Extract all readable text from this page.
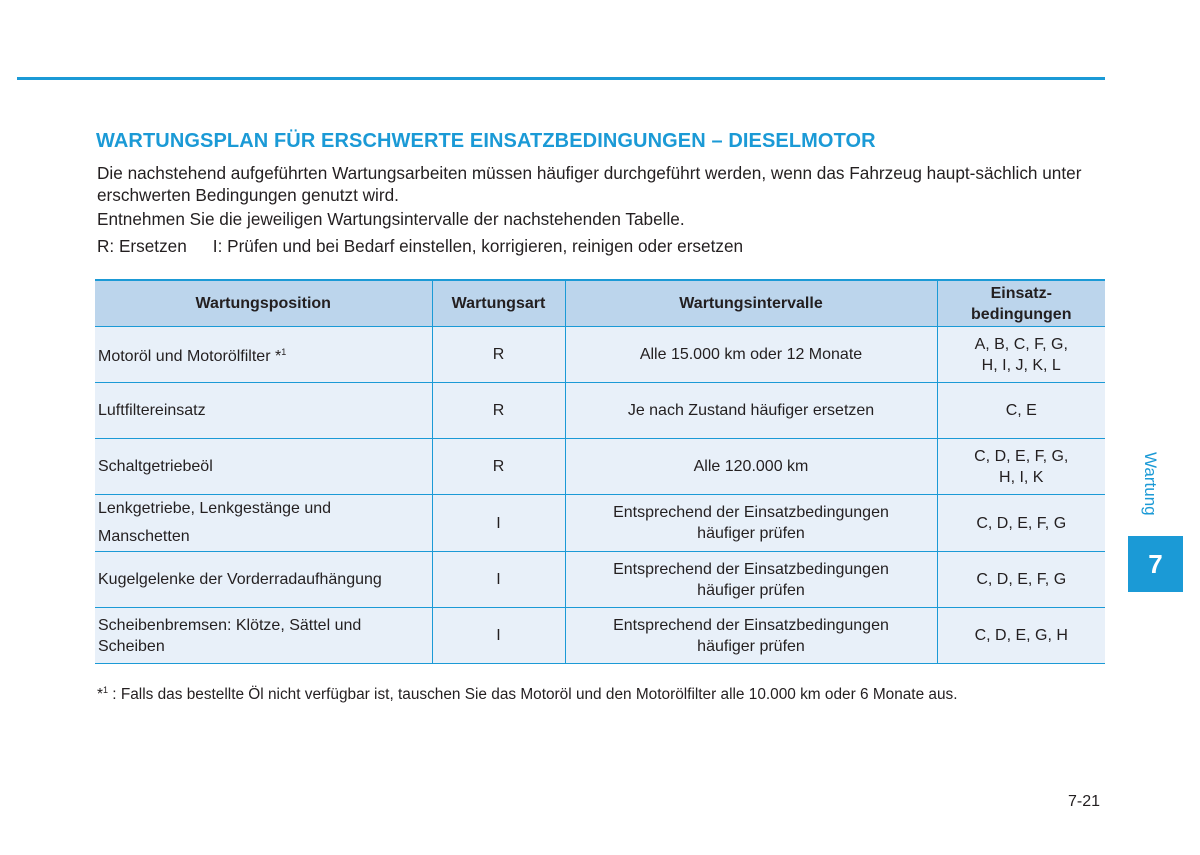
WARTUNGSPLAN FÜR ERSCHWERTE EINSATZBEDINGUNGEN – DIESELMOTOR

Die nachstehend aufgeführten Wartungsarbeiten müssen häufiger durchgeführt werden, wenn das Fahrzeug haupt-sächlich unter erschwerten Bedingungen genutzt wird.

Entnehmen Sie die jeweiligen Wartungsintervalle der nachstehenden Tabelle.

R: Ersetzen I: Prüfen und bei Bedarf einstellen, korrigieren, reinigen oder ersetzen

Wartungsposition	Wartungsart	Wartungsintervalle	Einsatz-
bedingungen
Motoröl und Motorölfilter *$^1$	R	Alle 15.000 km oder 12 Monate	A, B, C, F, G,
H, I, J, K, L
Luftfiltereinsatz	R	Je nach Zustand häufiger ersetzen	C, E
Schaltgetriebeöl	R	Alle 120.000 km	C, D, E, F, G,
H, I, K
Lenkgetriebe, Lenkgestänge und
Manschetten	I	Entsprechend der Einsatzbedingungen
häufiger prüfen	C, D, E, F, G
Kugelgelenke der Vorderradaufhängung	I	Entsprechend der Einsatzbedingungen
häufiger prüfen	C, D, E, F, G
Scheibenbremsen: Klötze, Sättel und
Scheiben	I	Entsprechend der Einsatzbedingungen
häufiger prüfen	C, D, E, G, H

*$^1$ : Falls das bestellte Öl nicht verfügbar ist, tauschen Sie das Motoröl und den Motorölfilter alle 10.000 km oder 6 Monate aus.

Wartung
7
7-21
